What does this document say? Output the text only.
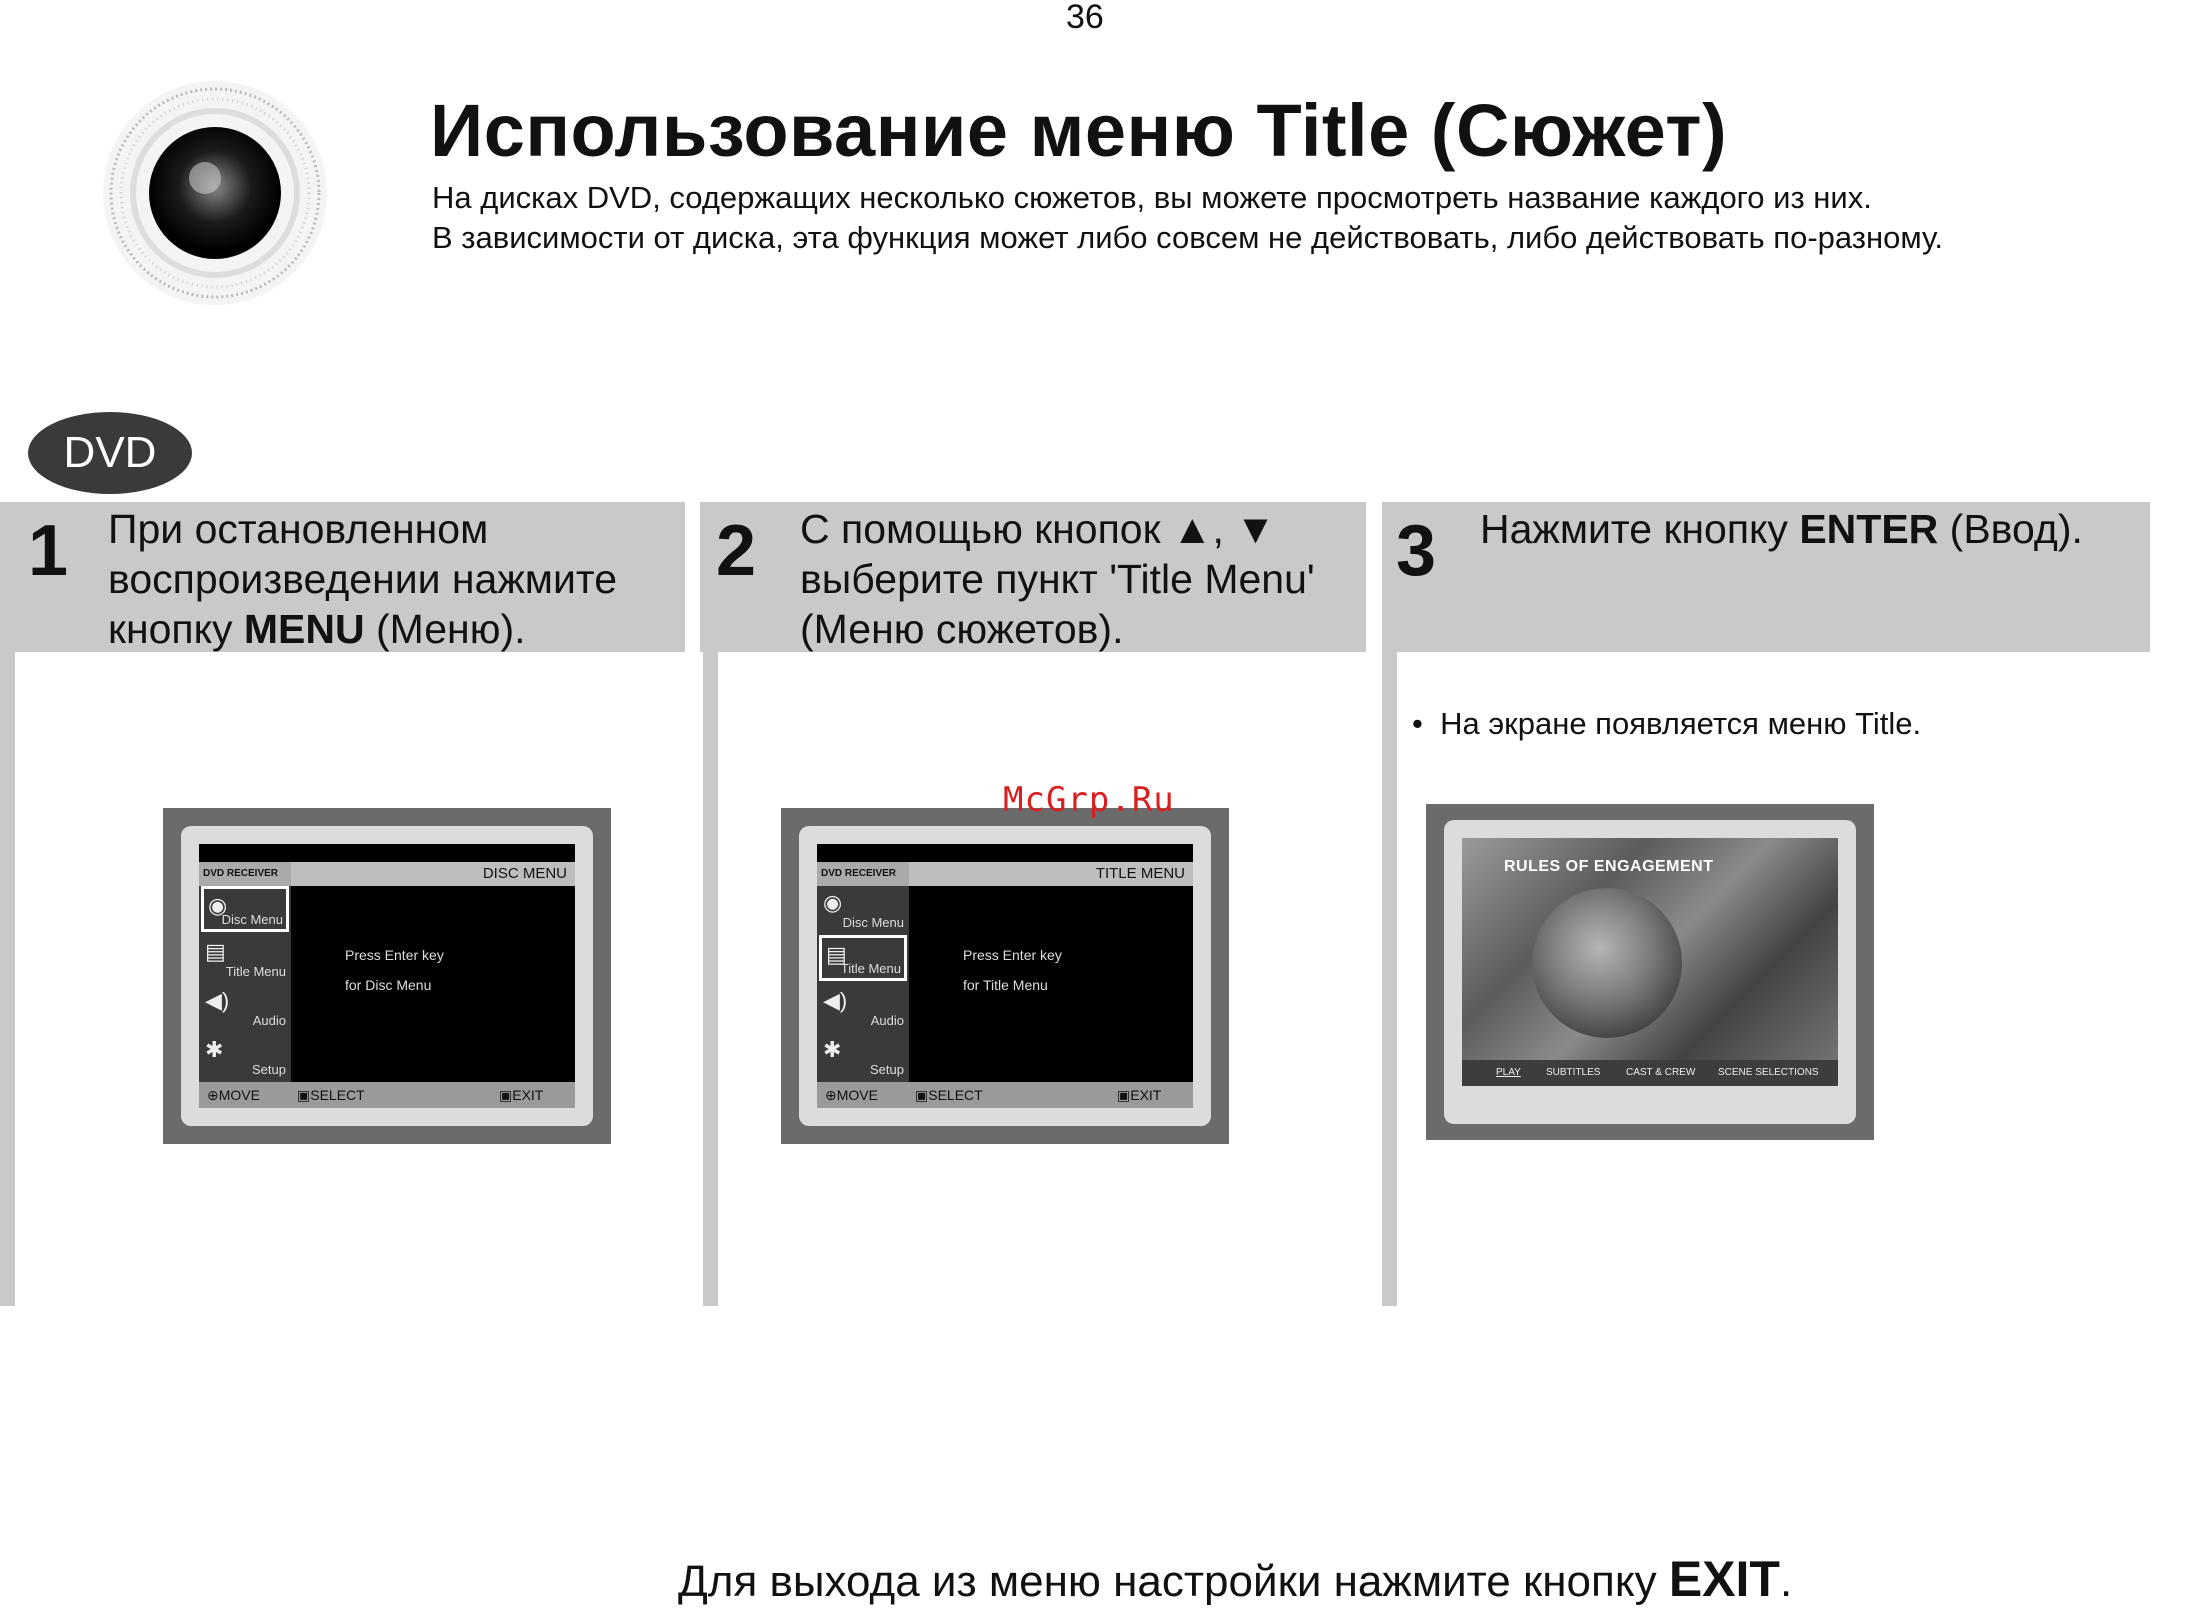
36
Использование меню Title (Сюжет)
На дисках DVD, содержащих несколько сюжетов, вы можете просмотреть название каждого из них.
В зависимости от диска, эта функция может либо совсем не действовать, либо действовать по-разному.
DVD
1 При остановленном воспроизведении нажмите кнопку MENU (Меню).
2 С помощью кнопок ▲, ▼ выберите пункт 'Title Menu' (Меню сюжетов).
3 Нажмите кнопку ENTER (Ввод).
•  На экране появляется меню Title.
DVD RECEIVER	DISC MENU
◉
Disc Menu
▤
Title Menu
◀)
Audio
✱
Setup
Press Enter key
for Disc Menu
⊕ MOVE	▣ SELECT	▣ EXIT
DVD RECEIVER	TITLE MENU
◉
Disc Menu
▤
Title Menu
◀)
Audio
✱
Setup
Press Enter key
for Title Menu
⊕ MOVE	▣ SELECT	▣ EXIT
RULES OF ENGAGEMENT
PLAY	SUBTITLES	CAST & CREW SCENE SELECTIONS
McGrp.Ru
Для выхода из меню настройки нажмите кнопку EXIT.
